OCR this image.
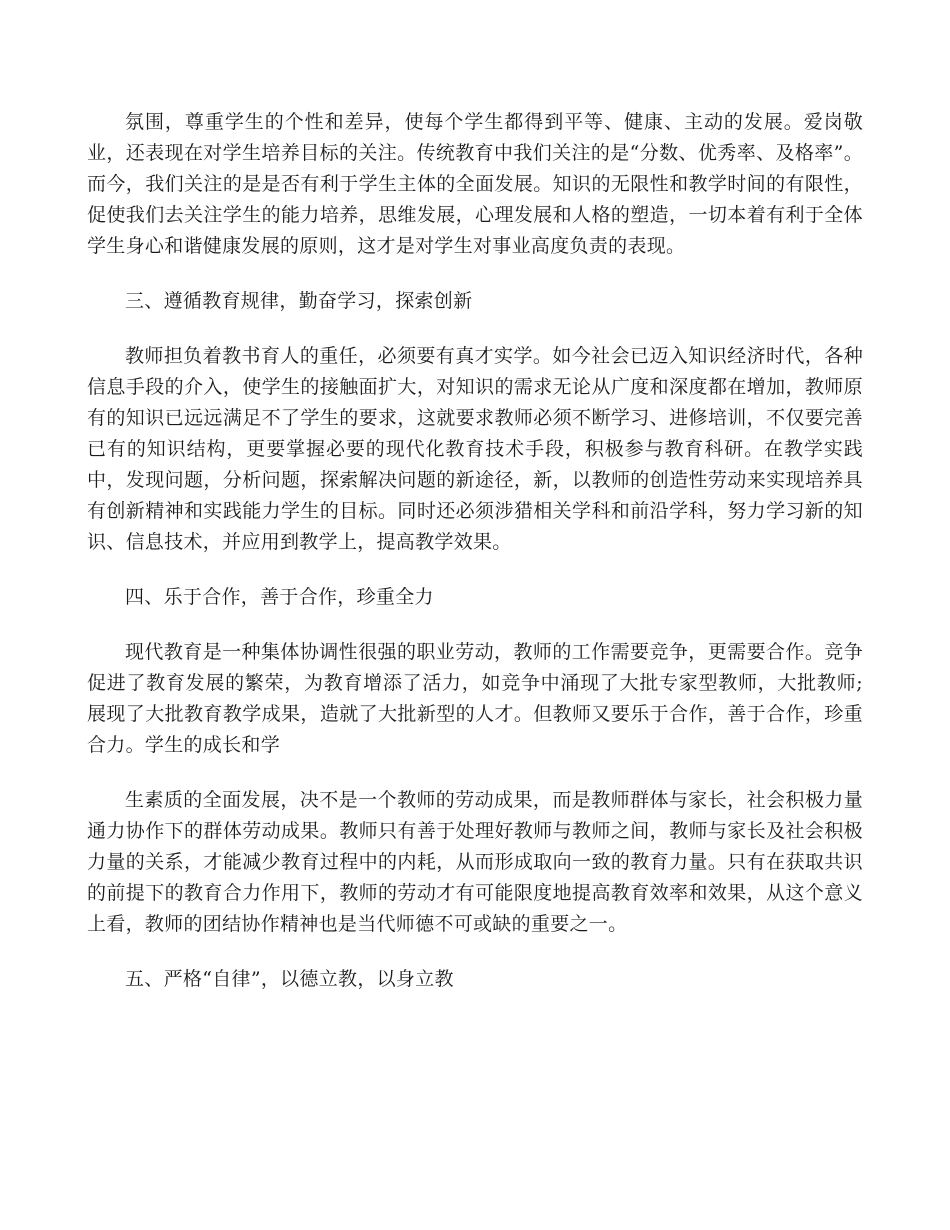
氛围，尊重学生的个性和差异，使每个学生都得到平等、健康、主动的发展。爱岗敬业，还表现在对学生培养目标的关注。传统教育中我们关注的是“分数、优秀率、及格率”。而今，我们关注的是是否有利于学生主体的全面发展。知识的无限性和教学时间的有限性，促使我们去关注学生的能力培养，思维发展，心理发展和人格的塑造，一切本着有利于全体学生身心和谐健康发展的原则，这才是对学生对事业高度负责的表现。

三、遵循教育规律，勤奋学习，探索创新

教师担负着教书育人的重任，必须要有真才实学。如今社会已迈入知识经济时代，各种信息手段的介入，使学生的接触面扩大，对知识的需求无论从广度和深度都在增加，教师原有的知识已远远满足不了学生的要求，这就要求教师必须不断学习、进修培训，不仅要完善已有的知识结构，更要掌握必要的现代化教育技术手段，积极参与教育科研。在教学实践中，发现问题，分析问题，探索解决问题的新途径，新，以教师的创造性劳动来实现培养具有创新精神和实践能力学生的目标。同时还必须涉猎相关学科和前沿学科，努力学习新的知识、信息技术，并应用到教学上，提高教学效果。

四、乐于合作，善于合作，珍重全力

现代教育是一种集体协调性很强的职业劳动，教师的工作需要竞争，更需要合作。竞争促进了教育发展的繁荣，为教育增添了活力，如竞争中涌现了大批专家型教师，大批教师;展现了大批教育教学成果，造就了大批新型的人才。但教师又要乐于合作，善于合作，珍重合力。学生的成长和学

生素质的全面发展，决不是一个教师的劳动成果，而是教师群体与家长，社会积极力量通力协作下的群体劳动成果。教师只有善于处理好教师与教师之间，教师与家长及社会积极力量的关系，才能减少教育过程中的内耗，从而形成取向一致的教育力量。只有在获取共识的前提下的教育合力作用下，教师的劳动才有可能限度地提高教育效率和效果，从这个意义上看，教师的团结协作精神也是当代师德不可或缺的重要之一。

五、严格“自律”，以德立教，以身立教
